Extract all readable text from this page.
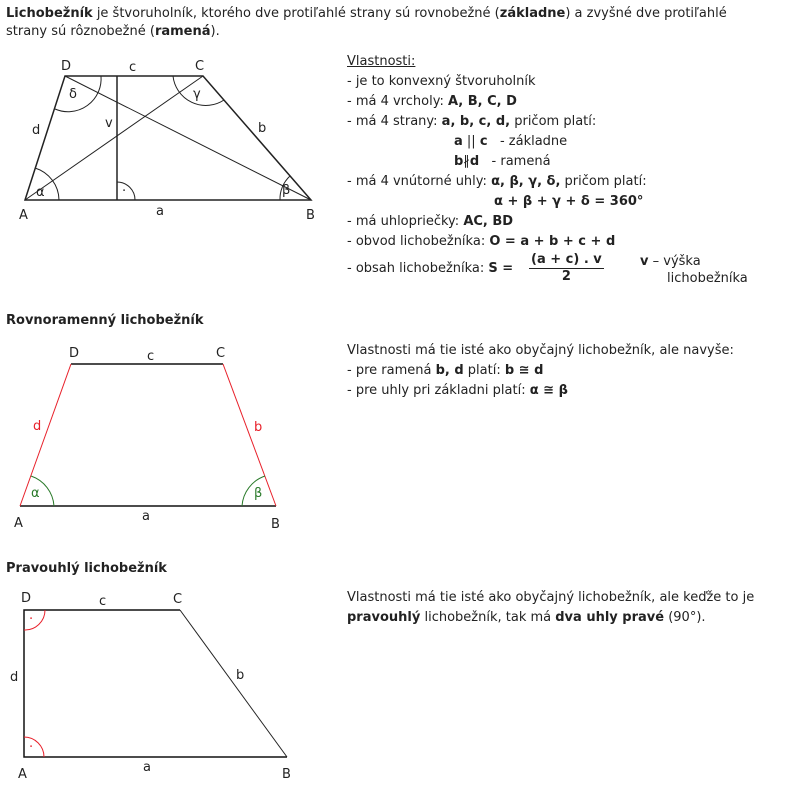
Lichobežník je štvoruholník, ktorého dve protiľahlé strany sú rovnobežné (základne) a zvyšné dve protiľahlé
strany sú rôznobežné (ramená).
A	B
C
D
a
b
c
d	v
α	β
γ
δ
·
A	B
C
D
a
b
c
d
α	β
A	B
C
D
a
b
c
d
·
·
Vlastnosti:
- je to konvexný štvoruholník
- má 4 vrcholy: A, B, C, D
- má 4 strany: a, b, c, d, pričom platí:
a || c - základne
b∦d - ramená
- má 4 vnútorné uhly: α, β, γ, δ, pričom platí:
α + β + γ + δ = 360°
- má uhlopriečky: AC, BD
- obvod lichobežníka: O = a + b + c + d
- obsah lichobežníka: $S = \frac{(a + c) . v}{2}$	v – výška
lichobežníka
Rovnoramenný lichobežník
Vlastnosti má tie isté ako obyčajný lichobežník, ale navyše:
- pre ramená b, d platí: b ≅ d
- pre uhly pri základni platí: α ≅ β
Pravouhlý lichobežník
Vlastnosti má tie isté ako obyčajný lichobežník, ale keďže to je
pravouhlý lichobežník, tak má dva uhly pravé (90°).
